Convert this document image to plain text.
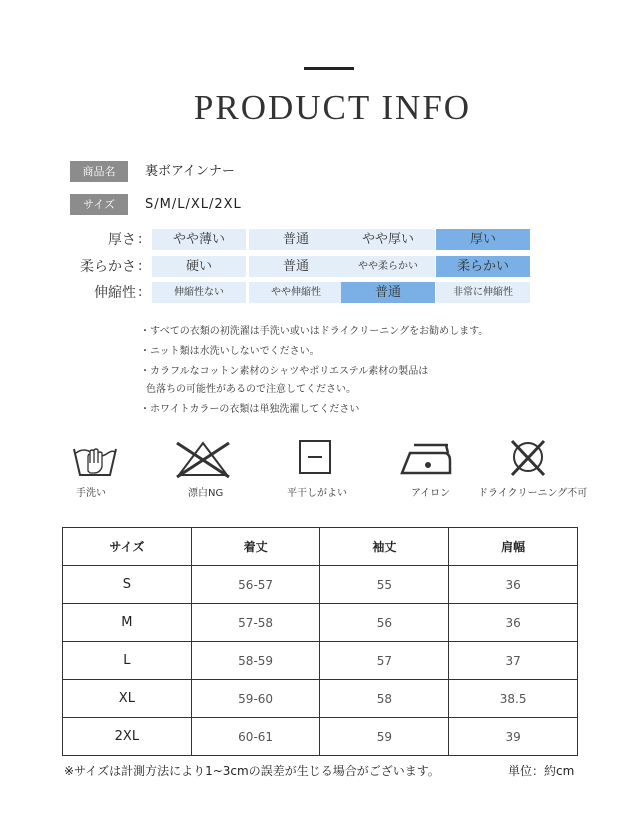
PRODUCT INFO
商品名	裏ボアインナー
サイズ	S/M/L/XL/2XL
厚さ :	やや薄い	普通	やや厚い	厚い
柔らかさ :	硬い	普通	やや柔らかい	柔らかい
伸縮性 :	伸縮性ない	やや伸縮性	普通	非常に伸縮性
・すべての衣類の初洗濯は手洗い或いはドライクリーニングをお勧めします。
・ニット類は水洗いしないでください。
・カラフルなコットン素材のシャツやポリエステル素材の製品は
色落ちの可能性があるので注意してください。
・ホワイトカラーの衣類は単独洗濯してください
手洗い	漂白NG	平干しがよい	アイロン	ドライクリーニング不可
サイズ	着丈	袖丈	肩幅
S	56-57	55	36
M	57-58	56	36
L	58-59	57	37
XL	59-60	58	38.5
2XL	60-61	59	39
※サイズは計測方法により1~3cmの誤差が生じる場合がございます。	単位：約cm
